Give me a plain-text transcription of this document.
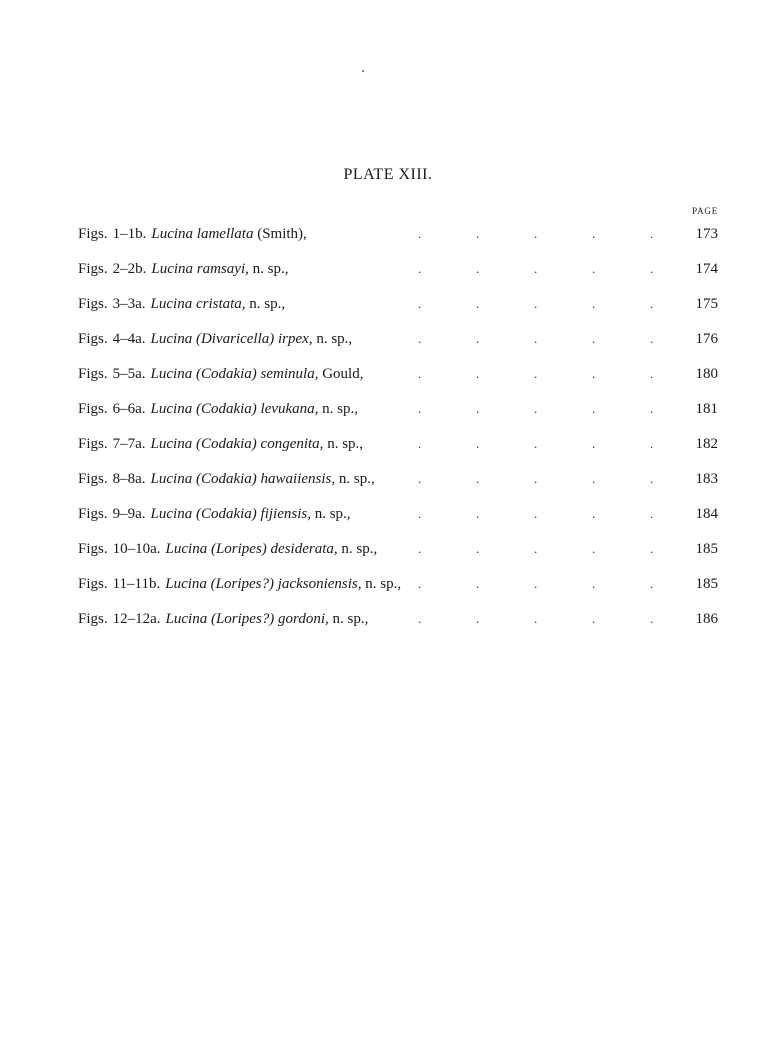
PLATE XIII.
PAGE
Figs. 1–1b. Lucina lamellata (Smith),	.	.	.	.	.	173
Figs. 2–2b. Lucina ramsayi, n. sp.,	.	.	.	.	.	174
Figs. 3–3a. Lucina cristata, n. sp.,	.	.	.	.	.	175
Figs. 4–4a. Lucina (Divaricella) irpex, n. sp.,	.	.	.	.	.	176
Figs. 5–5a. Lucina (Codakia) seminula, Gould,	.	.	.	.	.	180
Figs. 6–6a. Lucina (Codakia) levukana, n. sp.,	.	.	.	.	.	181
Figs. 7–7a. Lucina (Codakia) congenita, n. sp.,	.	.	.	.	.	182
Figs. 8–8a. Lucina (Codakia) hawaiiensis, n. sp.,	.	.	.	.	.	183
Figs. 9–9a. Lucina (Codakia) fijiensis, n. sp.,	.	.	.	.	.	184
Figs. 10–10a. Lucina (Loripes) desiderata, n. sp.,	.	.	.	.	.	185
Figs. 11–11b. Lucina (Loripes?) jacksoniensis, n. sp., .	.	.	.	.	185
Figs. 12–12a. Lucina (Loripes?) gordoni, n. sp.,	.	.	.	.	.	186
